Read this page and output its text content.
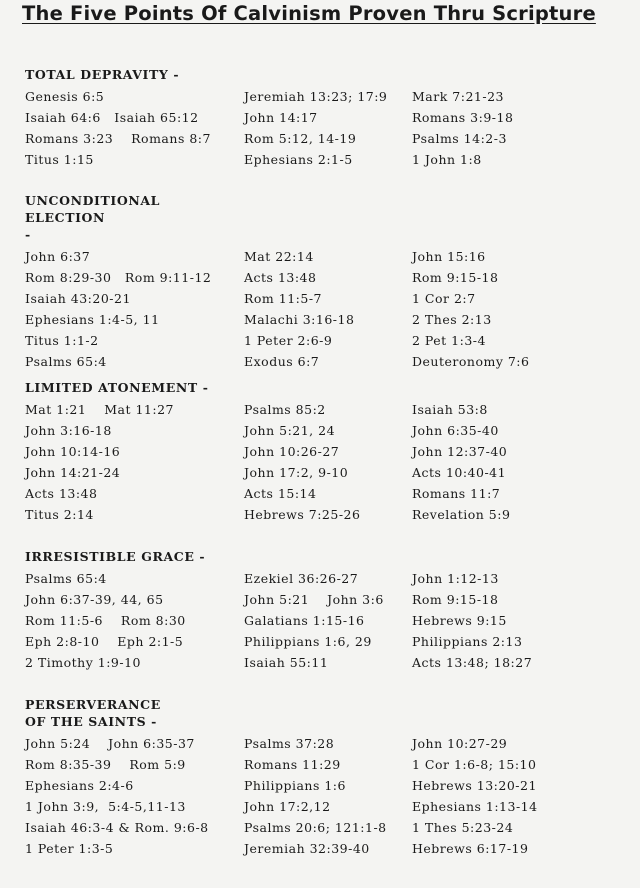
The Five Points Of Calvinism Proven Thru Scripture
TOTAL DEPRAVITY -
Genesis 6:5	Jeremiah 13:23; 17:9	Mark 7:21-23
Isaiah 64:6   Isaiah 65:12	John 14:17	Romans 3:9-18
Romans 3:23    Romans 8:7	Rom 5:12, 14-19	Psalms 14:2-3
Titus 1:15	Ephesians 2:1-5	1 John 1:8
UNCONDITIONAL ELECTION
-
John 6:37	Mat 22:14	John 15:16
Rom 8:29-30   Rom 9:11-12	Acts 13:48	Rom 9:15-18
Isaiah 43:20-21	Rom 11:5-7	1 Cor 2:7
Ephesians 1:4-5, 11	Malachi 3:16-18	2 Thes 2:13
Titus 1:1-2	1 Peter 2:6-9	2 Pet 1:3-4
Psalms 65:4	Exodus 6:7	Deuteronomy 7:6
LIMITED ATONEMENT -
Mat 1:21    Mat 11:27	Psalms 85:2	Isaiah 53:8
John 3:16-18	John 5:21, 24	John 6:35-40
John 10:14-16	John 10:26-27	John 12:37-40
John 14:21-24	John 17:2, 9-10	Acts 10:40-41
Acts 13:48	Acts 15:14	Romans 11:7
Titus 2:14	Hebrews 7:25-26	Revelation 5:9
IRRESISTIBLE GRACE -
Psalms 65:4	Ezekiel 36:26-27	John 1:12-13
John 6:37-39, 44, 65	John 5:21    John 3:6	Rom 9:15-18
Rom 11:5-6    Rom 8:30	Galatians 1:15-16	Hebrews 9:15
Eph 2:8-10    Eph 2:1-5	Philippians 1:6, 29	Philippians 2:13
2 Timothy 1:9-10	Isaiah 55:11	Acts 13:48; 18:27
PERSERVERANCE
OF THE SAINTS -
John 5:24    John 6:35-37	Psalms 37:28	John 10:27-29
Rom 8:35-39    Rom 5:9	Romans 11:29	1 Cor 1:6-8; 15:10
Ephesians 2:4-6	Philippians 1:6	Hebrews 13:20-21
1 John 3:9,  5:4-5,11-13	John 17:2,12	Ephesians 1:13-14
Isaiah 46:3-4 & Rom. 9:6-8	Psalms 20:6; 121:1-8	1 Thes 5:23-24
1 Peter 1:3-5	Jeremiah 32:39-40	Hebrews 6:17-19
